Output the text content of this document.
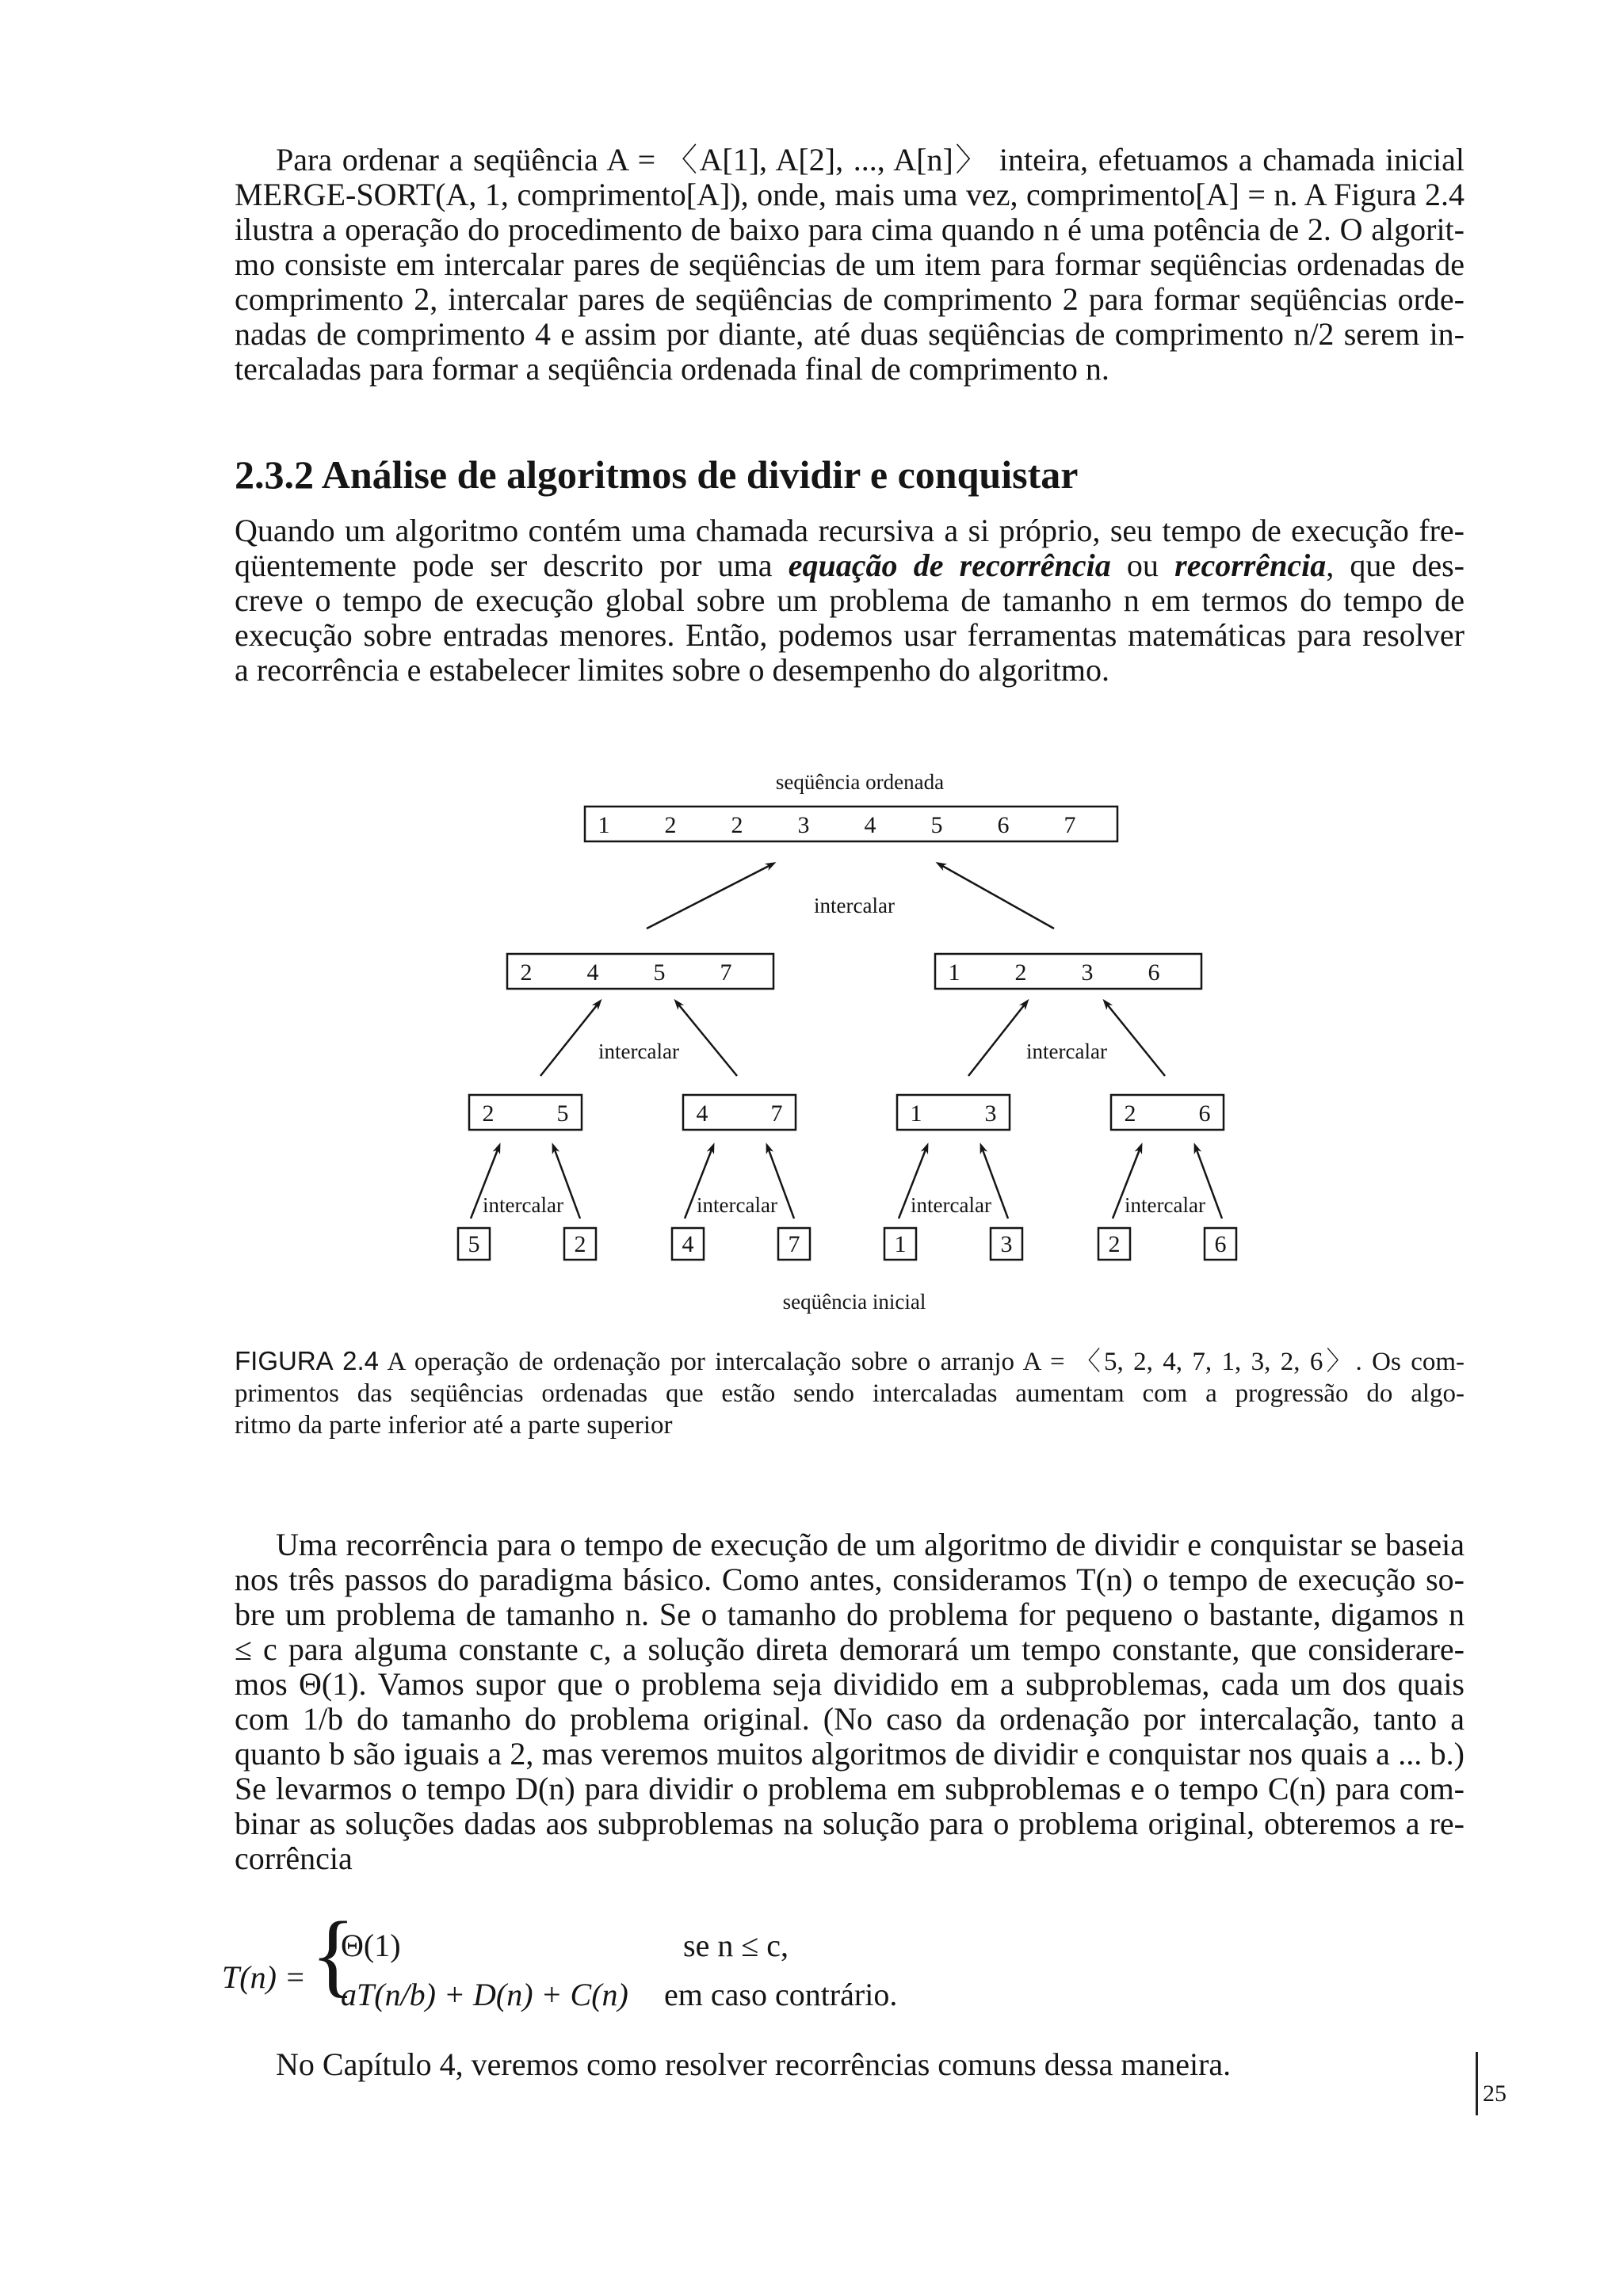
Para ordenar a seqüência A = 〈A[1], A[2], ..., A[n]〉 inteira, efetuamos a chamada inicial

MERGE-SORT(A, 1, comprimento[A]), onde, mais uma vez, comprimento[A] = n. A Figura 2.4

ilustra a operação do procedimento de baixo para cima quando n é uma potência de 2. O algorit-

mo consiste em intercalar pares de seqüências de um item para formar seqüências ordenadas de

comprimento 2, intercalar pares de seqüências de comprimento 2 para formar seqüências orde-

nadas de comprimento 4 e assim por diante, até duas seqüências de comprimento n/2 serem in-

tercaladas para formar a seqüência ordenada final de comprimento n.

2.3.2 Análise de algoritmos de dividir e conquistar

Quando um algoritmo contém uma chamada recursiva a si próprio, seu tempo de execução fre-

qüentemente pode ser descrito por uma equação de recorrência ou recorrência, que des-

creve o tempo de execução global sobre um problema de tamanho n em termos do tempo de

execução sobre entradas menores. Então, podemos usar ferramentas matemáticas para resolver

a recorrência e estabelecer limites sobre o desempenho do algoritmo.

seqüência ordenada
1 2 2 3 4 5 6 7
intercalar
2 4 5 7	1 2 3 6
intercalar	intercalar
2	5	4	7	1	3	2	6
intercalar	intercalar	intercalar	intercalar
5	2	4	7	1	3	2	6
seqüência inicial
FIGURA 2.4 A operação de ordenação por intercalação sobre o arranjo A = 〈5, 2, 4, 7, 1, 3, 2, 6〉. Os com-
primentos das seqüências ordenadas que estão sendo intercaladas aumentam com a progressão do algo-
ritmo da parte inferior até a parte superior

Uma recorrência para o tempo de execução de um algoritmo de dividir e conquistar se baseia

nos três passos do paradigma básico. Como antes, consideramos T(n) o tempo de execução so-

bre um problema de tamanho n. Se o tamanho do problema for pequeno o bastante, digamos n

≤ c para alguma constante c, a solução direta demorará um tempo constante, que considerare-

mos Θ(1). Vamos supor que o problema seja dividido em a subproblemas, cada um dos quais

com 1/b do tamanho do problema original. (No caso da ordenação por intercalação, tanto a

quanto b são iguais a 2, mas veremos muitos algoritmos de dividir e conquistar nos quais a ... b.)

Se levarmos o tempo D(n) para dividir o problema em subproblemas e o tempo C(n) para com-

binar as soluções dadas aos subproblemas na solução para o problema original, obteremos a re-

corrência

T(n) = {
Θ(1)
aT(n/b) + D(n) + C(n)
se n ≤ c,
em caso contrário.
No Capítulo 4, veremos como resolver recorrências comuns dessa maneira.
25
